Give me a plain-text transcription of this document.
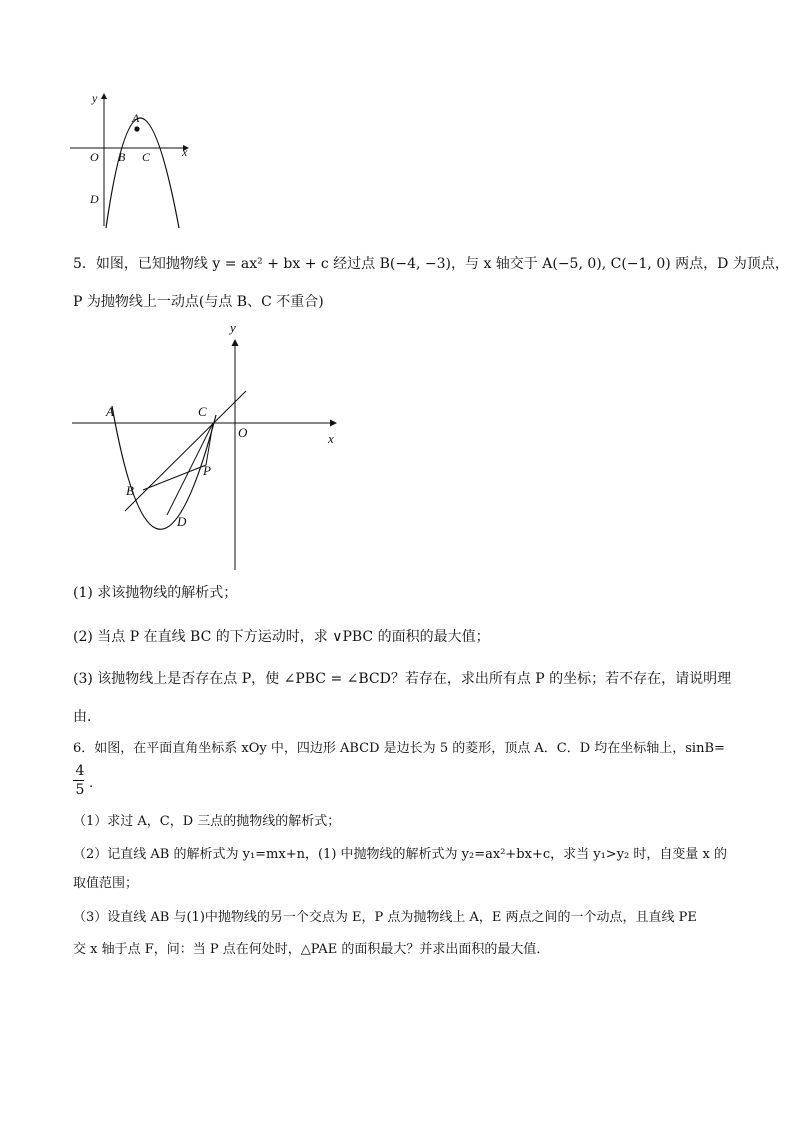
y
x
O
A
B C
D
5．如图，已知抛物线 y = ax² + bx + c 经过点 B(−4, −3)，与 x 轴交于 A(−5, 0), C(−1, 0) 两点，D 为顶点，
P 为抛物线上一动点(与点 B、C 不重合)
y
x
O
A
B
C
D
P
(1) 求该抛物线的解析式；
(2) 当点 P 在直线 BC 的下方运动时，求 ∨PBC 的面积的最大值；
(3) 该抛物线上是否存在点 P，使 ∠PBC = ∠BCD？若存在，求出所有点 P 的坐标；若不存在，请说明理
由．
6．如图，在平面直角坐标系 xOy 中，四边形 ABCD 是边长为 5 的菱形，顶点 A．C．D 均在坐标轴上，sinB=
4
5 .
（1）求过 A，C，D 三点的抛物线的解析式；
（2）记直线 AB 的解析式为 y₁=mx+n，(1) 中抛物线的解析式为 y₂=ax²+bx+c，求当 y₁>y₂ 时，自变量 x 的
取值范围；
（3）设直线 AB 与(1)中抛物线的另一个交点为 E，P 点为抛物线上 A，E 两点之间的一个动点，且直线 PE
交 x 轴于点 F，问：当 P 点在何处时，△PAE 的面积最大？并求出面积的最大值．
